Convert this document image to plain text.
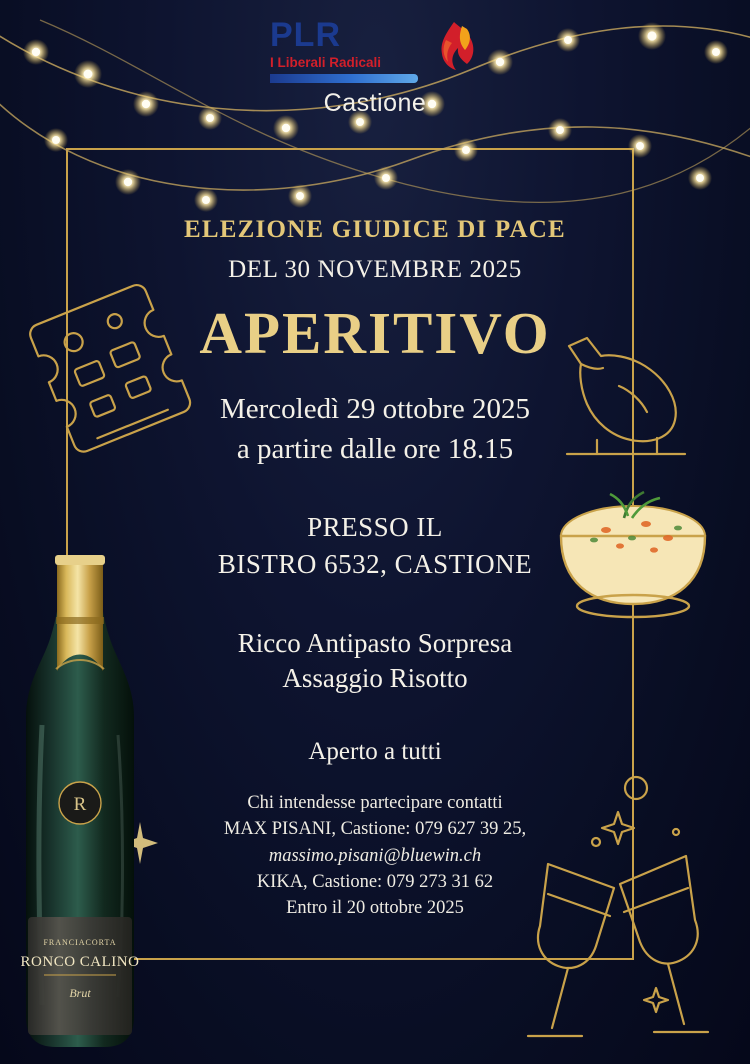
PLR
I Liberali Radicali
Castione
R
FRANCIACORTA
RONCO CALINO
Brut
ELEZIONE GIUDICE DI PACE
DEL 30 NOVEMBRE 2025
APERITIVO
Mercoledì 29 ottobre 2025
a partire dalle ore 18.15
PRESSO IL
BISTRO 6532, CASTIONE
Ricco Antipasto Sorpresa
Assaggio Risotto
Aperto a tutti
Chi intendesse partecipare contatti
MAX PISANI, Castione: 079 627 39 25,
massimo.pisani@bluewin.ch
KIKA, Castione: 079 273 31 62
Entro il 20 ottobre 2025
